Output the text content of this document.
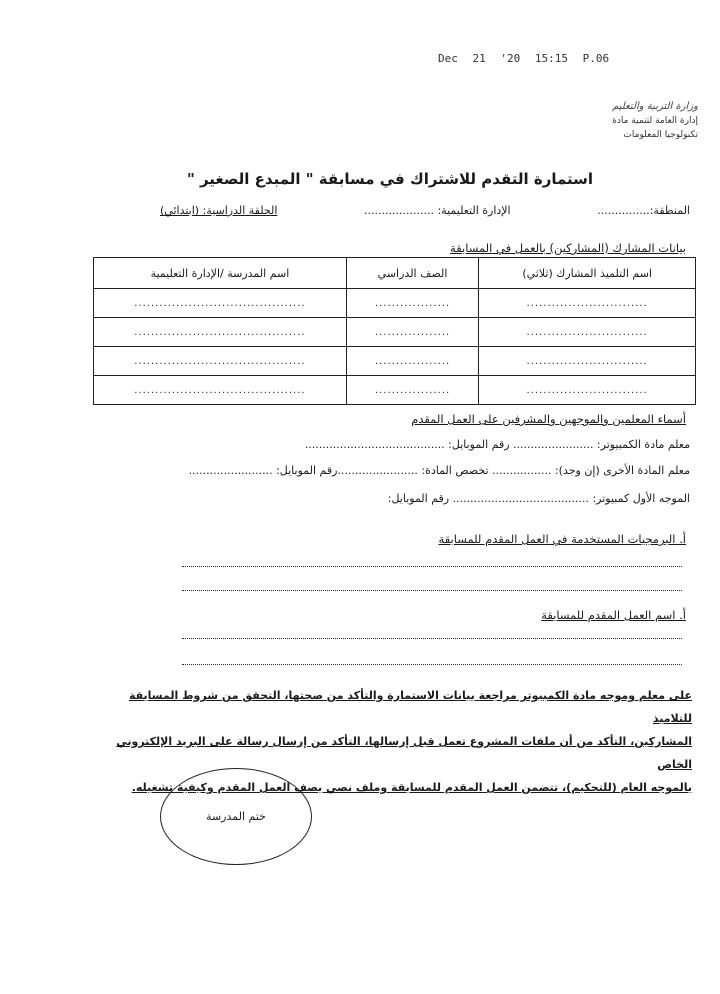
Dec 21 '20 15:15 P.06
وزارة التربية والتعليم
إدارة العامة لتنمية مادة
تكنولوجيا المعلومات
استمارة التقدم للاشتراك في مسابقة " المبدع الصغير "
المنطقة:...............
الإدارة التعليمية: ....................
الحلقة الدراسية: (ابتدائي)
بيانات المشارك (المشاركين) بالعمل في المسابقة
اسم التلميذ المشارك (ثلاثي)	الصف الدراسي	اسم المدرسة /الإدارة التعليمية
.............................	..................	.........................................
.............................	..................	.........................................
.............................	..................	.........................................
.............................	..................	.........................................
أسماء المعلمين والموجهين والمشرفين على العمل المقدم
معلم مادة الكمبيوتر: ....................... رقم الموبايل: ........................................
معلم المادة الأخرى (إن وجد): ................. تخصص المادة: .......................رقم الموبايل: ........................
الموجه الأول كمبيوتر: ....................................... رقم الموبايل:
أ. البرمجيات المستخدمة في العمل المقدم للمسابقة
أ. اسم العمل المقدم للمسابقة
على معلم وموجه مادة الكمبيوتر مراجعة بيانات الاستمارة والتأكد من صحتها، التحقق من شروط المسابقة للتلاميذ
المشاركين، التأكد من أن ملفات المشروع تعمل قبل إرسالها، التأكد من إرسال رسالة على البريد الإلكتروني الخاص
بالموجه العام (للتحكيم)، تتضمن العمل المقدم للمسابقة وملف نصي يصف العمل المقدم وكيفية تشغيله.
ختم المدرسة
